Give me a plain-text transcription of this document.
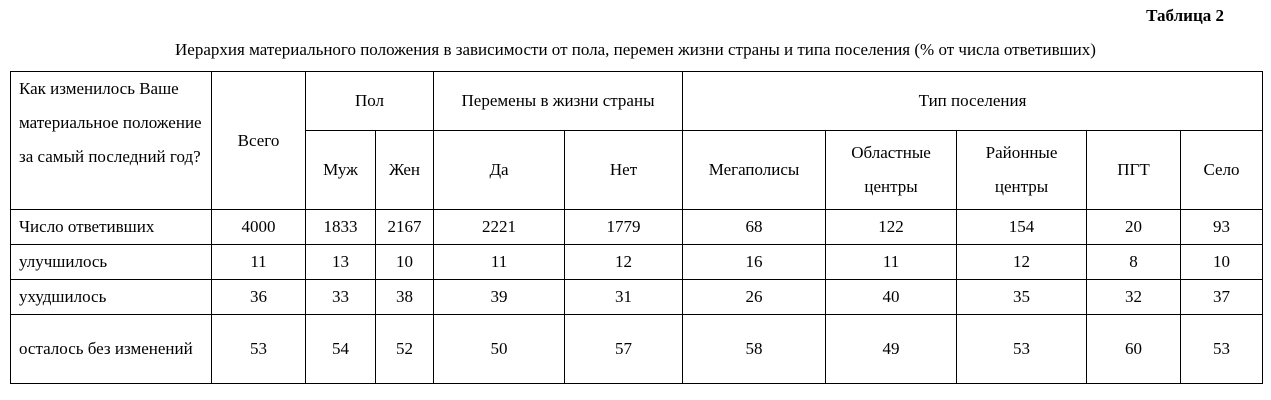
Таблица 2
Иерархия материального положения в зависимости от пола, перемен жизни страны и типа поселения (% от числа ответивших)
Как изменилось Ваше материальное положение за самый последний год?	Всего	Пол		Перемены в жизни страны		Тип поселения				
		Муж	Жен	Да	Нет	Мегаполисы	Областные центры	Районные центры	ПГТ	Село
Число ответивших	4000	1833	2167	2221	1779	68	122	154	20	93
улучшилось	11	13	10	11	12	16	11	12	8	10
ухудшилось	36	33	38	39	31	26	40	35	32	37
осталось без изменений	53	54	52	50	57	58	49	53	60	53
